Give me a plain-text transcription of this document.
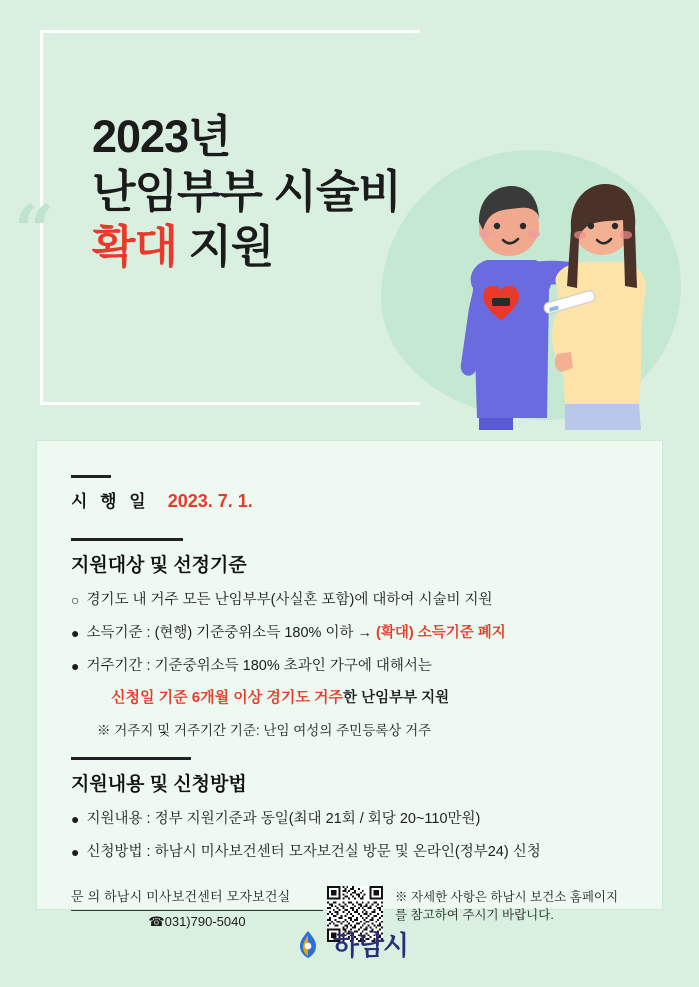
“
2023년
난임부부 시술비
확대 지원
시 행 일 2023. 7. 1.
지원대상 및 선정기준
○ 경기도 내 거주 모든 난임부부(사실혼 포함)에 대하여 시술비 지원
● 소득기준 : (현행) 기준중위소득 180% 이하 → (확대) 소득기준 폐지
● 거주기간 : 기준중위소득 180% 초과인 가구에 대해서는
신청일 기준 6개월 이상 경기도 거주한 난임부부 지원
※ 거주지 및 거주기간 기준: 난임 여성의 주민등록상 거주
지원내용 및 신청방법
● 지원내용 : 정부 지원기준과 동일(최대 21회 / 회당 20~110만원)
● 신청방법 : 하남시 미사보건센터 모자보건실 방문 및 온라인(정부24) 신청
문 의 하남시 미사보건센터 모자보건실
☎031)790-5040
※ 자세한 사항은 하남시 보건소 홈페이지를 참고하여 주시기 바랍니다.
하남시
